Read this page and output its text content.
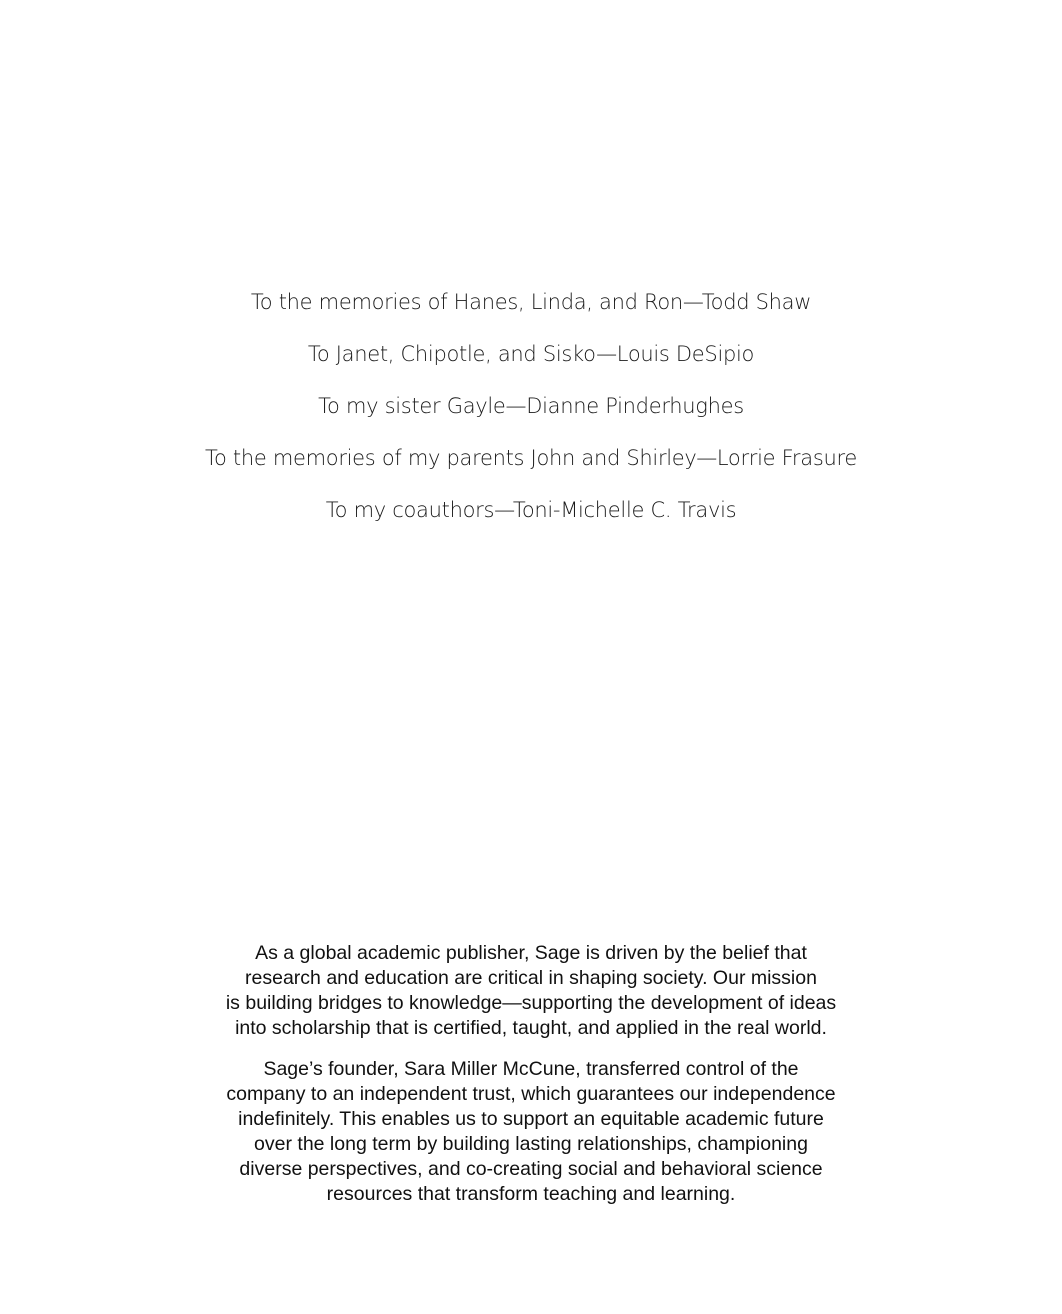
To the memories of Hanes, Linda, and Ron—Todd Shaw
To Janet, Chipotle, and Sisko—Louis DeSipio
To my sister Gayle—Dianne Pinderhughes
To the memories of my parents John and Shirley—Lorrie Frasure
To my coauthors—Toni-Michelle C. Travis
As a global academic publisher, Sage is driven by the belief that
research and education are critical in shaping society. Our mission
is building bridges to knowledge—supporting the development of ideas
into scholarship that is certified, taught, and applied in the real world.
Sage’s founder, Sara Miller McCune, transferred control of the
company to an independent trust, which guarantees our independence
indefinitely. This enables us to support an equitable academic future
over the long term by building lasting relationships, championing
diverse perspectives, and co-creating social and behavioral science
resources that transform teaching and learning.
